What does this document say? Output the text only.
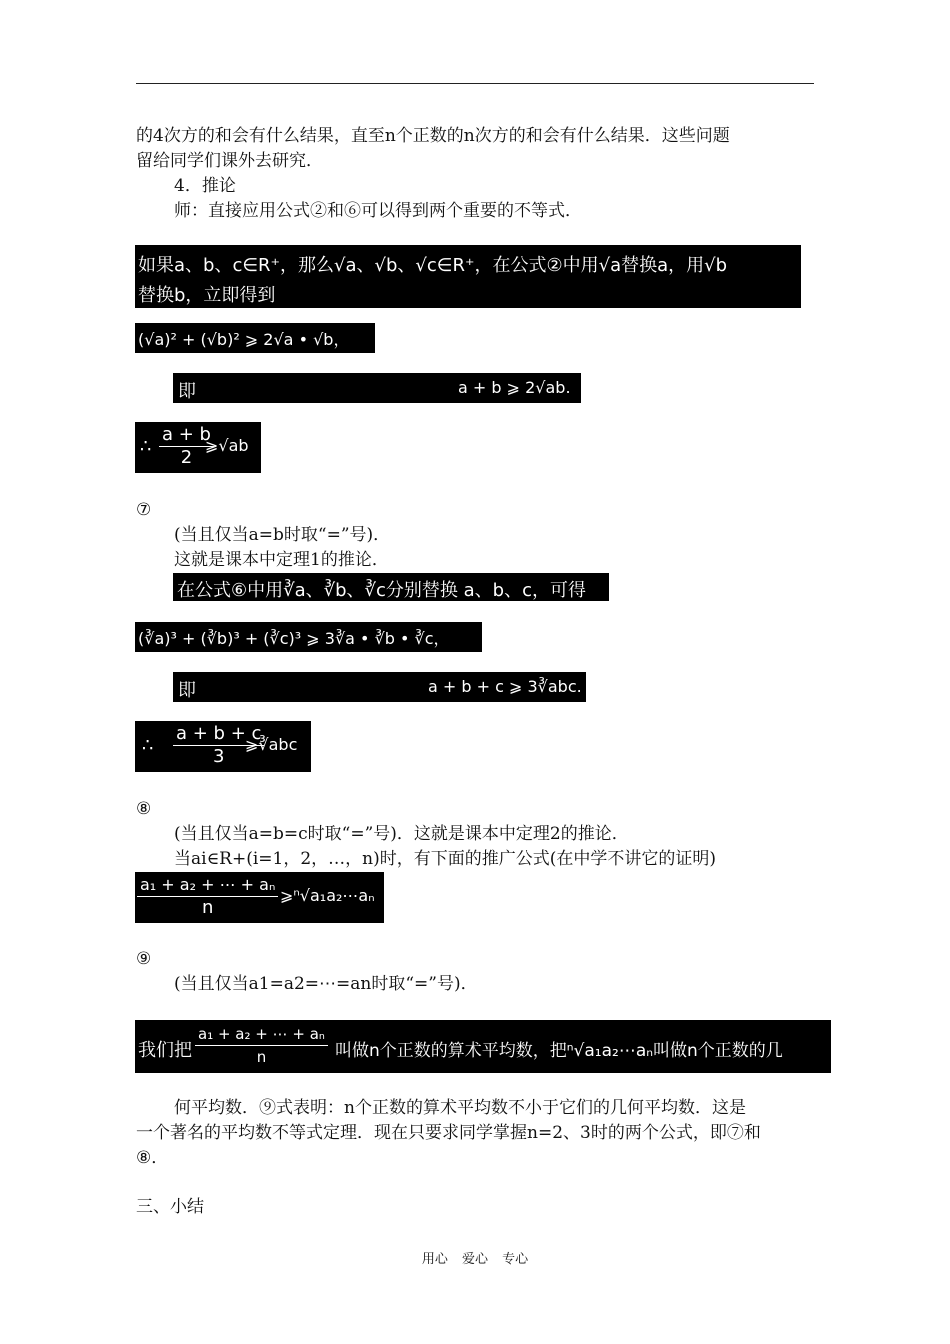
的4次方的和会有什么结果，直至n个正数的n次方的和会有什么结果．这些问题
留给同学们课外去研究．
4．推论
师：直接应用公式②和⑥可以得到两个重要的不等式．
如果a、b、c∈R⁺，那么√a、√b、√c∈R⁺，在公式②中用√a替换a，用√b
替换b，立即得到
(√a)² + (√b)² ⩾ 2√a • √b，
即	a + b ⩾ 2√ab.
∴ $\frac{a + b}{2}$
⩾√ab
⑦
(当且仅当a=b时取“=”号)．
这就是课本中定理1的推论．
在公式⑥中用∛a、∛b、∛c分别替换 a、b、c，可得
(∛a)³ + (∛b)³ + (∛c)³ ⩾ 3∛a • ∛b • ∛c，
即	a + b + c ⩾ 3∛abc.
∴ $\frac{a + b + c}{3}$
⩾∛abc
⑧
(当且仅当a=b=c时取“=”号)．这就是课本中定理2的推论．
当ai∈R+(i=1，2，…，n)时，有下面的推广公式(在中学不讲它的证明)
$\frac{\text{a₁ + a₂ + ⋯ + aₙ}}{n}$ ⩾ⁿ√a₁a₂⋯aₙ
⑨
(当且仅当a1=a2=⋯=an时取“=”号)．
我们把 $\frac{\text{a₁ + a₂ + ⋯ + aₙ}}{n}$ 叫做n个正数的算术平均数，把ⁿ√a₁a₂⋯aₙ叫做n个正数的几
何平均数．⑨式表明：n个正数的算术平均数不小于它们的几何平均数．这是
一个著名的平均数不等式定理．现在只要求同学掌握n=2、3时的两个公式，即⑦和
⑧．
三、小结
用心 爱心 专心
